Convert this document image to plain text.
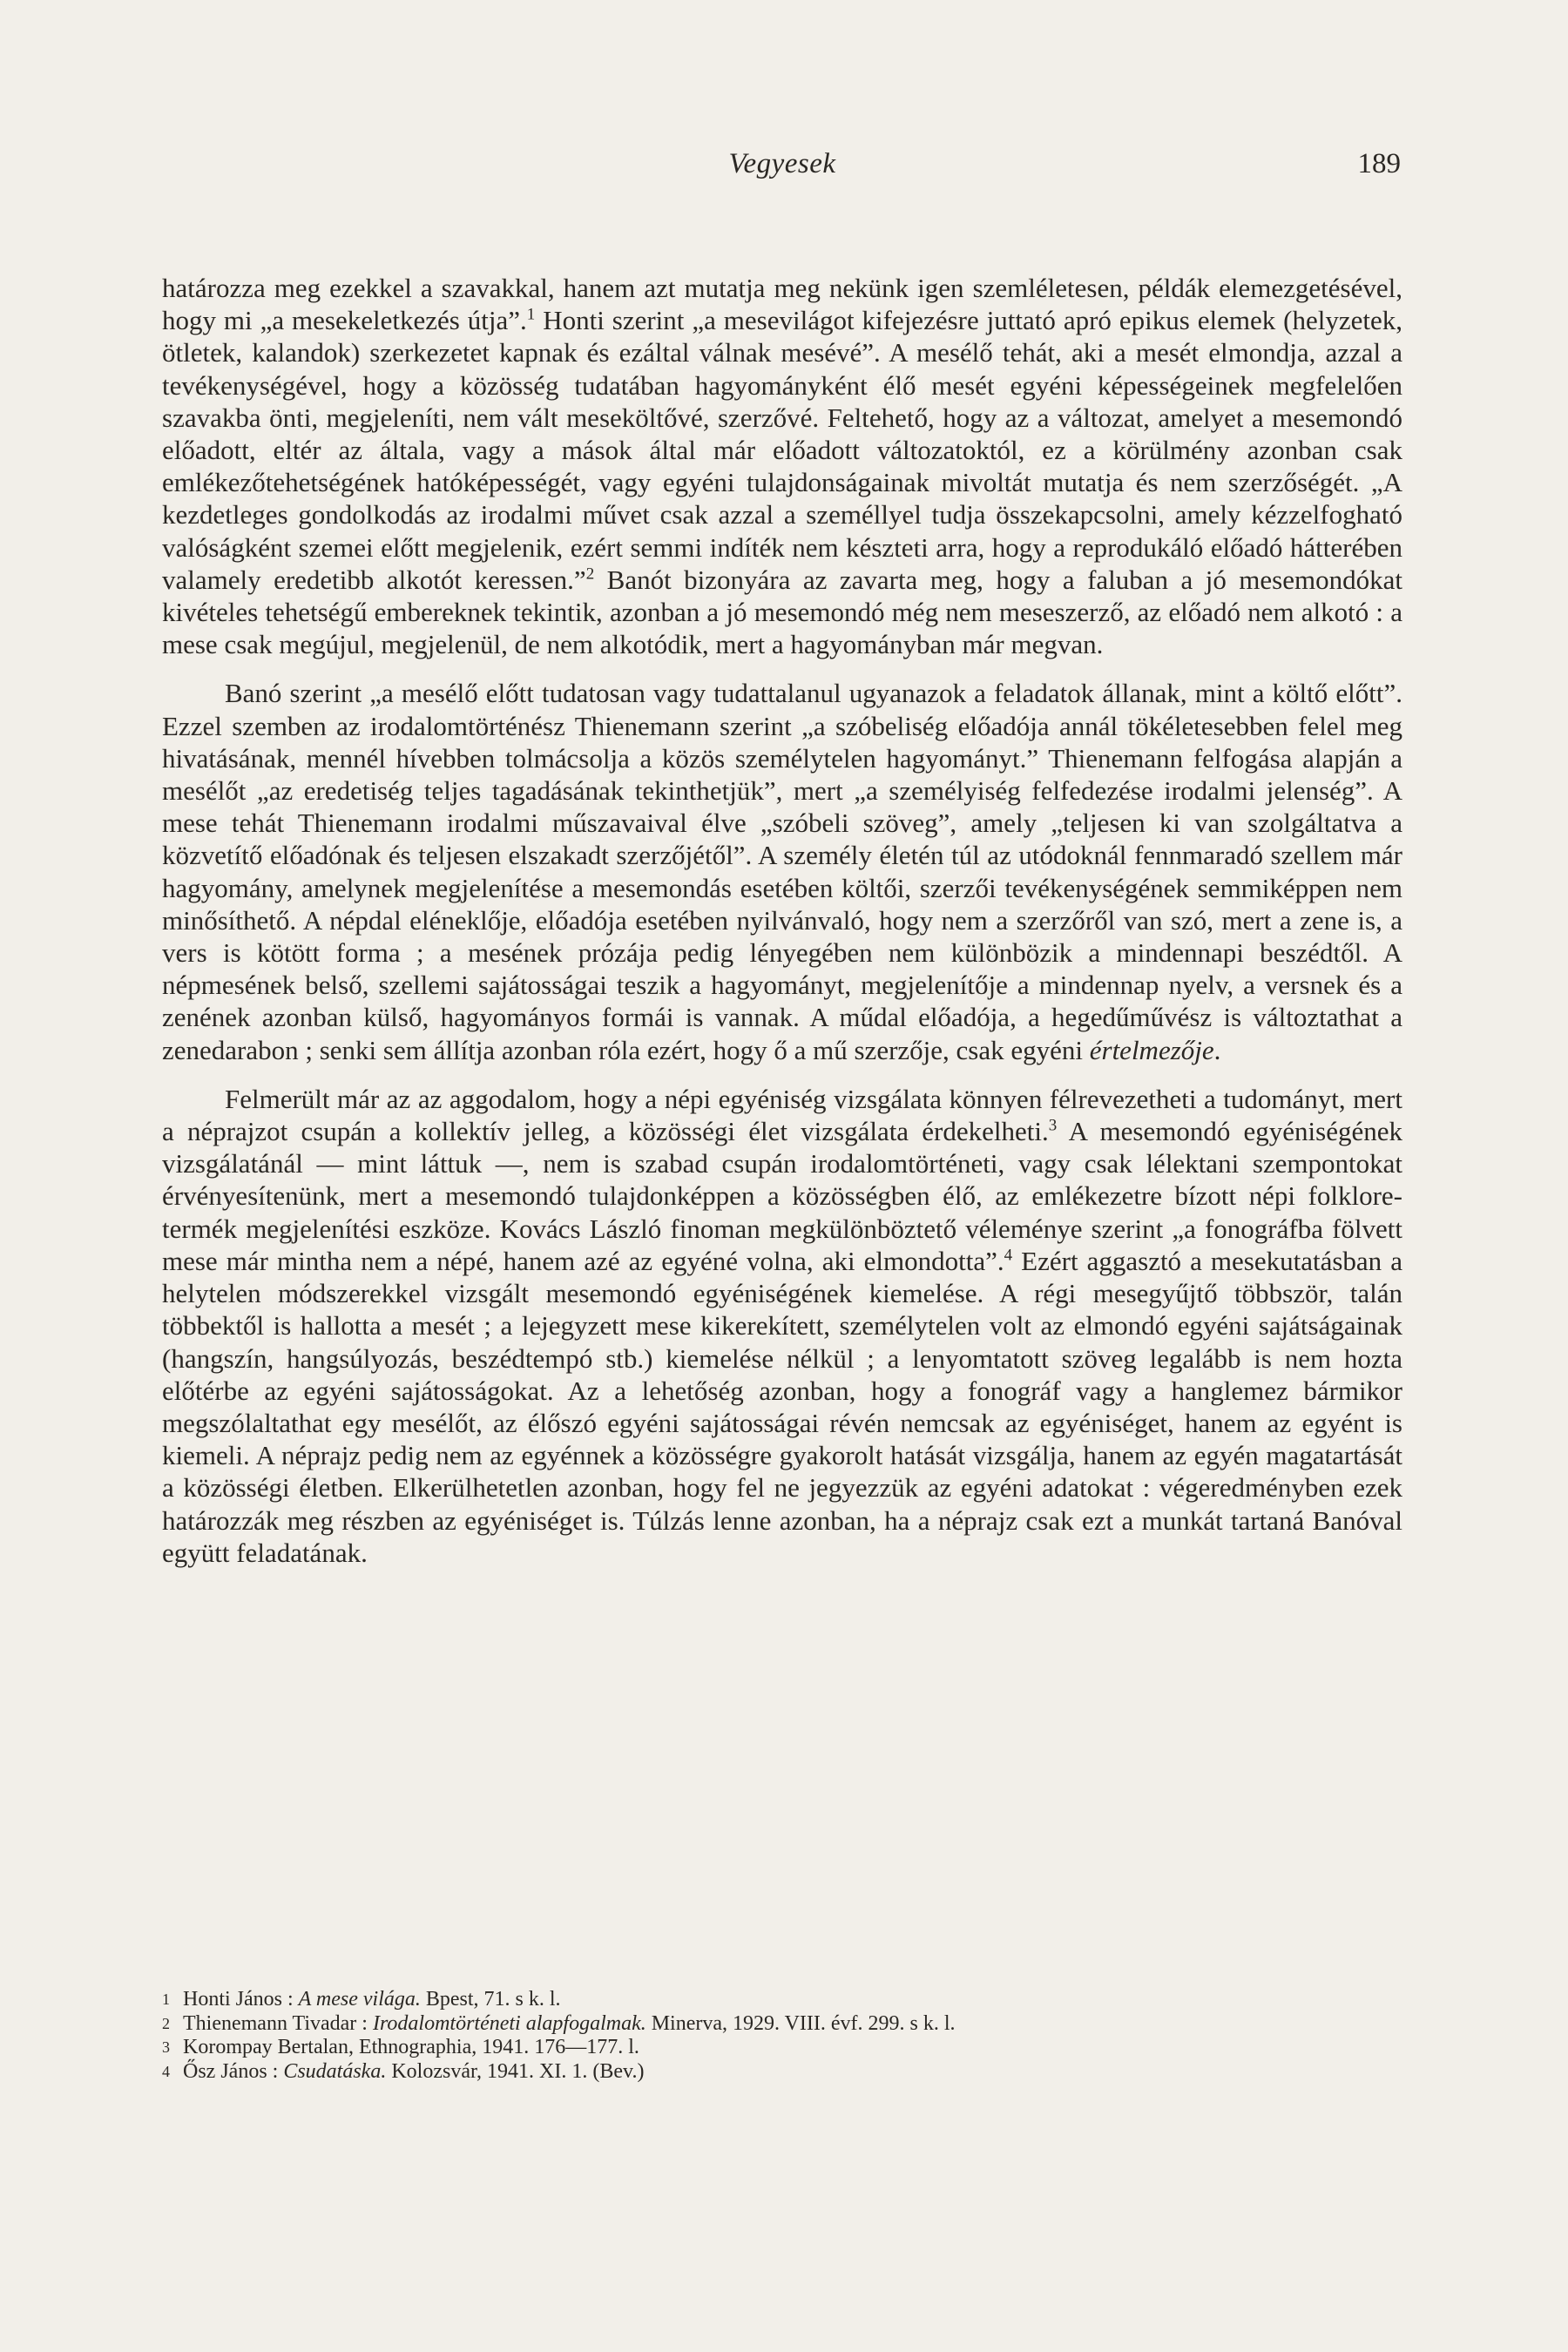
Vegyesek	189

határozza meg ezekkel a szavakkal, hanem azt mutatja meg nekünk igen szemléletesen, példák elemezgetésével, hogy mi „a mesekeletkezés útja”.$^1$ Honti szerint „a mesevilágot kifejezésre juttató apró epikus elemek (helyzetek, ötletek, kalandok) szerkezetet kapnak és ezáltal válnak mesévé”. A mesélő tehát, aki a mesét elmondja, azzal a tevékenységével, hogy a közösség tudatában hagyományként élő mesét egyéni képességeinek megfelelően szavakba önti, megjeleníti, nem vált meseköltővé, szerzővé. Feltehető, hogy az a változat, amelyet a mesemondó előadott, eltér az általa, vagy a mások által már előadott változatoktól, ez a körülmény azonban csak emlékezőtehetségének hatóképességét, vagy egyéni tulajdonságainak mivoltát mutatja és nem szerzőségét. „A kezdetleges gondolkodás az irodalmi művet csak azzal a személlyel tudja összekapcsolni, amely kézzelfogható valóságként szemei előtt megjelenik, ezért semmi indíték nem készteti arra, hogy a reprodukáló előadó hátterében valamely eredetibb alkotót keressen.”$^2$ Banót bizonyára az zavarta meg, hogy a faluban a jó mesemondókat kivételes tehetségű embereknek tekintik, azonban a jó mesemondó még nem meseszerző, az előadó nem alkotó : a mese csak megújul, megjelenül, de nem alkotódik, mert a hagyományban már megvan.

Banó szerint „a mesélő előtt tudatosan vagy tudattalanul ugyanazok a feladatok állanak, mint a költő előtt”. Ezzel szemben az irodalomtörténész Thienemann szerint „a szóbeliség előadója annál tökéletesebben felel meg hivatásának, mennél hívebben tolmácsolja a közös személytelen hagyományt.” Thienemann felfogása alapján a mesélőt „az eredetiség teljes tagadásának tekinthetjük”, mert „a személyiség felfedezése irodalmi jelenség”. A mese tehát Thienemann irodalmi műszavaival élve „szóbeli szöveg”, amely „teljesen ki van szolgáltatva a közvetítő előadónak és teljesen elszakadt szerzőjétől”. A személy életén túl az utódoknál fennmaradó szellem már hagyomány, amelynek megjelenítése a mesemondás esetében költői, szerzői tevékenységének semmiképpen nem minősíthető. A népdal eléneklője, előadója esetében nyilvánvaló, hogy nem a szerzőről van szó, mert a zene is, a vers is kötött forma ; a mesének prózája pedig lényegében nem különbözik a mindennapi beszédtől. A népmesének belső, szellemi sajátosságai teszik a hagyományt, megjelenítője a mindennap nyelv, a versnek és a zenének azonban külső, hagyományos formái is vannak. A műdal előadója, a hegedűművész is változtathat a zenedarabon ; senki sem állítja azonban róla ezért, hogy ő a mű szerzője, csak egyéni értelmezője.

Felmerült már az az aggodalom, hogy a népi egyéniség vizsgálata könnyen félrevezetheti a tudományt, mert a néprajzot csupán a kollektív jelleg, a közösségi élet vizsgálata érdekelheti.$^3$ A mesemondó egyéniségének vizsgálatánál — mint láttuk —, nem is szabad csupán irodalomtörténeti, vagy csak lélektani szempontokat érvényesítenünk, mert a mesemondó tulajdonképpen a közösségben élő, az emlékezetre bízott népi folklore-termék megjelenítési eszköze. Kovács László finoman megkülönböztető véleménye szerint „a fonográfba fölvett mese már mintha nem a népé, hanem azé az egyéné volna, aki elmondotta”.$^4$ Ezért aggasztó a mesekutatásban a helytelen módszerekkel vizsgált mesemondó egyéniségének kiemelése. A régi mesegyűjtő többször, talán többektől is hallotta a mesét ; a lejegyzett mese kikerekített, személytelen volt az elmondó egyéni sajátságainak (hangszín, hangsúlyozás, beszédtempó stb.) kiemelése nélkül ; a lenyomtatott szöveg legalább is nem hozta előtérbe az egyéni sajátosságokat. Az a lehetőség azonban, hogy a fonográf vagy a hanglemez bármikor megszólaltathat egy mesélőt, az élőszó egyéni sajátosságai révén nemcsak az egyéniséget, hanem az egyént is kiemeli. A néprajz pedig nem az egyénnek a közösségre gyakorolt hatását vizsgálja, hanem az egyén magatartását a közösségi életben. Elkerülhetetlen azonban, hogy fel ne jegyezzük az egyéni adatokat : végeredményben ezek határozzák meg részben az egyéniséget is. Túlzás lenne azonban, ha a néprajz csak ezt a munkát tartaná Banóval együtt feladatának.

1 Honti János : A mese világa. Bpest, 71. s k. l.
2 Thienemann Tivadar : Irodalomtörténeti alapfogalmak. Minerva, 1929. VIII. évf. 299. s k. l.
3 Korompay Bertalan, Ethnographia, 1941. 176—177. l.
4 Ősz János : Csudatáska. Kolozsvár, 1941. XI. 1. (Bev.)
